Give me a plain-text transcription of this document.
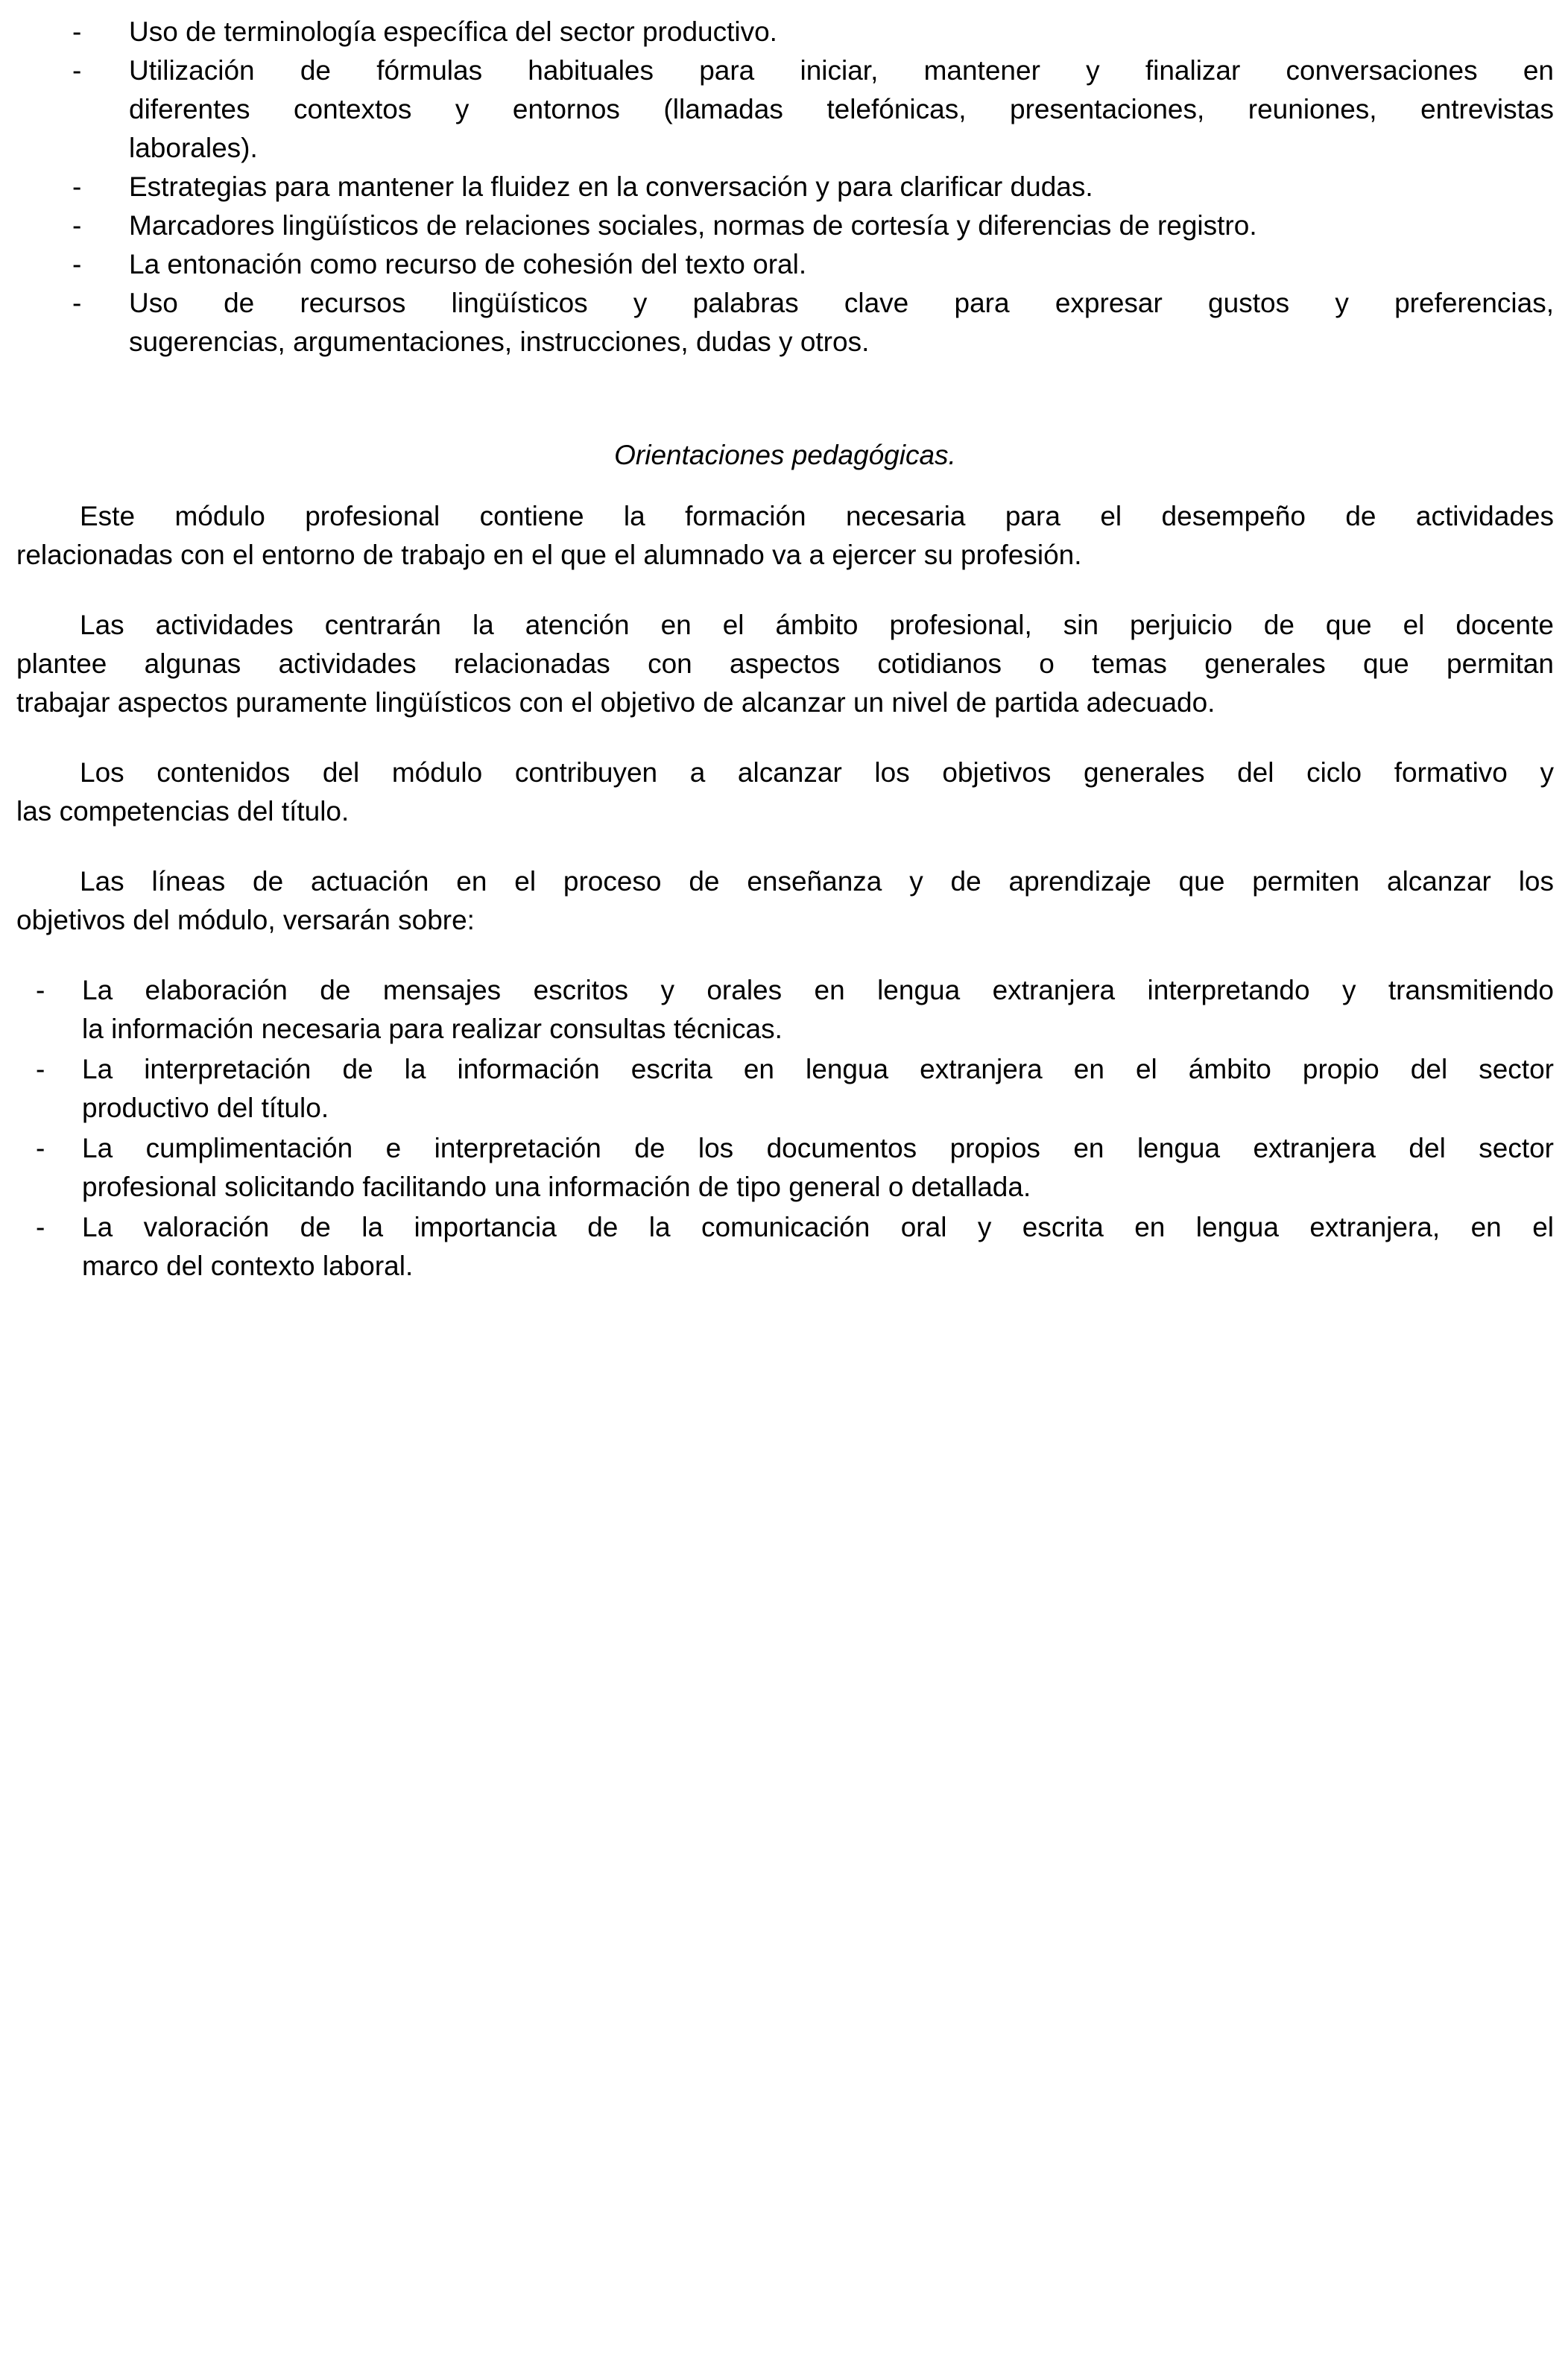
-	Uso de terminología específica del sector productivo.
-	Utilización de fórmulas habituales para iniciar, mantener y finalizar conversaciones en
diferentes contextos y entornos (llamadas telefónicas, presentaciones, reuniones, entrevistas
laborales).
-	Estrategias para mantener la fluidez en la conversación y para clarificar dudas.
-	Marcadores lingüísticos de relaciones sociales, normas de cortesía y diferencias de registro.
-	La entonación como recurso de cohesión del texto oral.
-	Uso de recursos lingüísticos y palabras clave para expresar gustos y preferencias,
sugerencias, argumentaciones, instrucciones, dudas y otros.
Orientaciones pedagógicas.
Este módulo profesional contiene la formación necesaria para el desempeño de actividades
relacionadas con el entorno de trabajo en el que el alumnado va a ejercer su profesión.
Las actividades centrarán la atención en el ámbito profesional, sin perjuicio de que el docente
plantee algunas actividades relacionadas con aspectos cotidianos o temas generales que permitan
trabajar aspectos puramente lingüísticos con el objetivo de alcanzar un nivel de partida adecuado.
Los contenidos del módulo contribuyen a alcanzar los objetivos generales del ciclo formativo y
las competencias del título.
Las líneas de actuación en el proceso de enseñanza y de aprendizaje que permiten alcanzar los
objetivos del módulo, versarán sobre:
-	La elaboración de mensajes escritos y orales en lengua extranjera interpretando y transmitiendo
la información necesaria para realizar consultas técnicas.
-	La interpretación de la información escrita en lengua extranjera en el ámbito propio del sector
productivo del título.
-	La cumplimentación e interpretación de los documentos propios en lengua extranjera del sector
profesional solicitando facilitando una información de tipo general o detallada.
-	La valoración de la importancia de la comunicación oral y escrita en lengua extranjera, en el
marco del contexto laboral.
